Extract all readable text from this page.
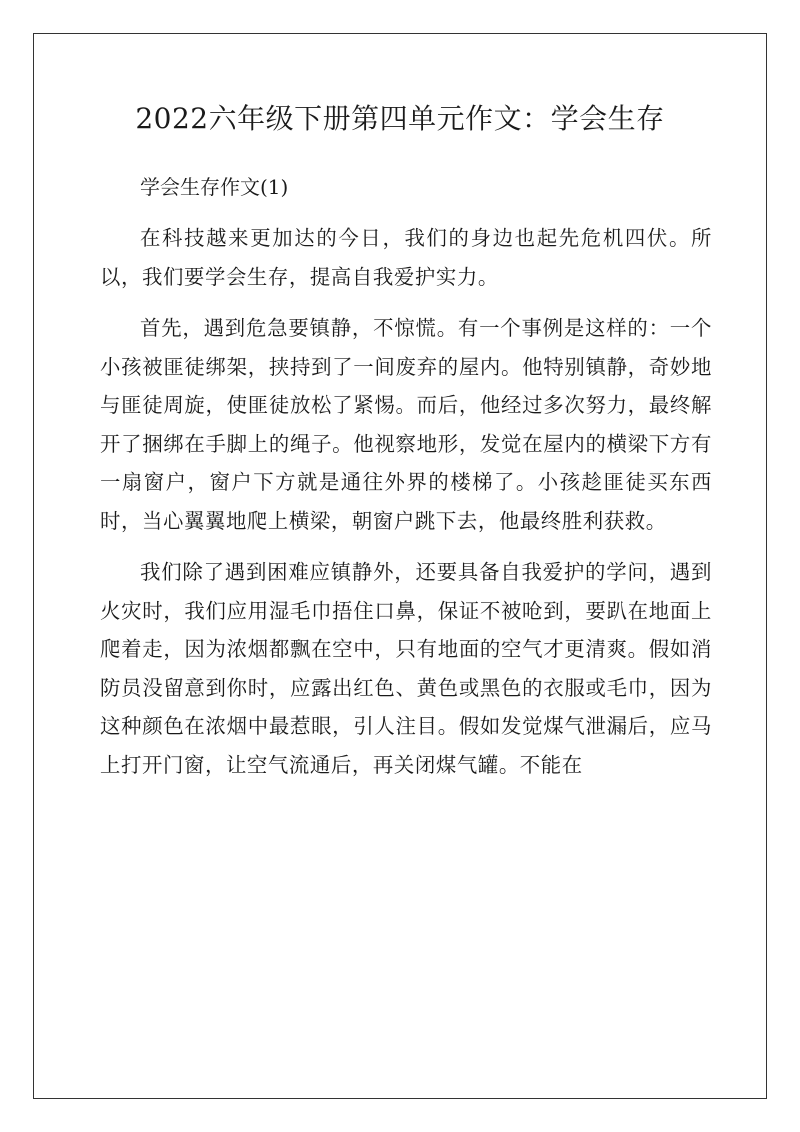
2022六年级下册第四单元作文：学会生存

学会生存作文(1)

在科技越来更加达的今日，我们的身边也起先危机四伏。所以，我们要学会生存，提高自我爱护实力。

首先，遇到危急要镇静，不惊慌。有一个事例是这样的：一个小孩被匪徒绑架，挟持到了一间废弃的屋内。他特别镇静，奇妙地与匪徒周旋，使匪徒放松了紧惕。而后，他经过多次努力，最终解开了捆绑在手脚上的绳子。他视察地形，发觉在屋内的横梁下方有一扇窗户，窗户下方就是通往外界的楼梯了。小孩趁匪徒买东西时，当心翼翼地爬上横梁，朝窗户跳下去，他最终胜利获救。

我们除了遇到困难应镇静外，还要具备自我爱护的学问，遇到火灾时，我们应用湿毛巾捂住口鼻，保证不被呛到，要趴在地面上爬着走，因为浓烟都飘在空中，只有地面的空气才更清爽。假如消防员没留意到你时，应露出红色、黄色或黑色的衣服或毛巾，因为这种颜色在浓烟中最惹眼，引人注目。假如发觉煤气泄漏后，应马上打开门窗，让空气流通后，再关闭煤气罐。不能在
